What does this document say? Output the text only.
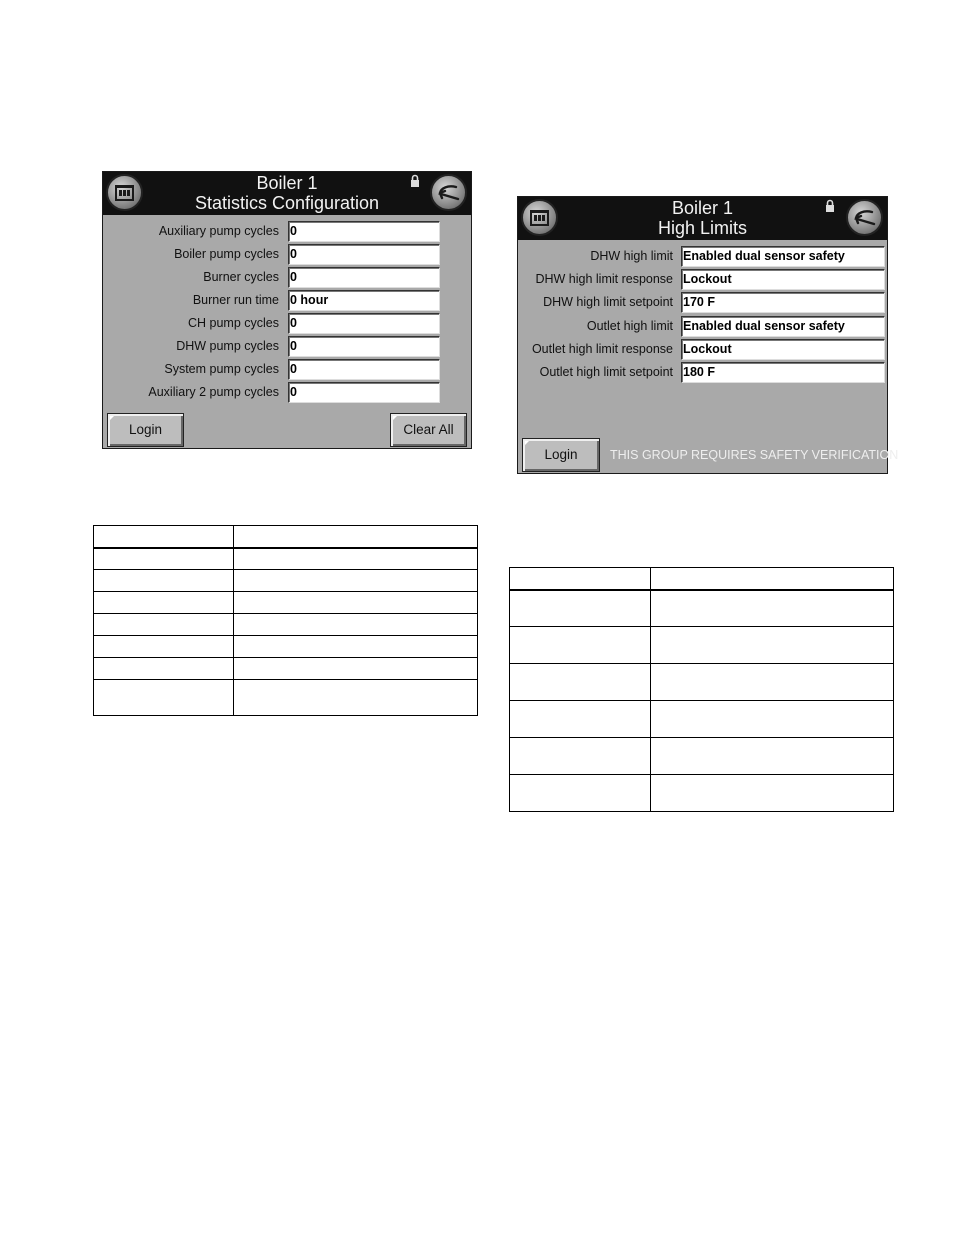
Boiler 1
Statistics Configuration
Auxiliary pump cycles 0
Boiler pump cycles 0
Burner cycles 0
Burner run time 0 hour
CH pump cycles 0
DHW pump cycles 0
System pump cycles 0
Auxiliary 2 pump cycles 0
Login	Clear All
Boiler 1
High Limits
DHW high limit Enabled dual sensor safety
DHW high limit response Lockout
DHW high limit setpoint 170 F
Outlet high limit Enabled dual sensor safety
Outlet high limit response Lockout
Outlet high limit setpoint 180 F
Login	THIS GROUP REQUIRES SAFETY VERIFICATION
